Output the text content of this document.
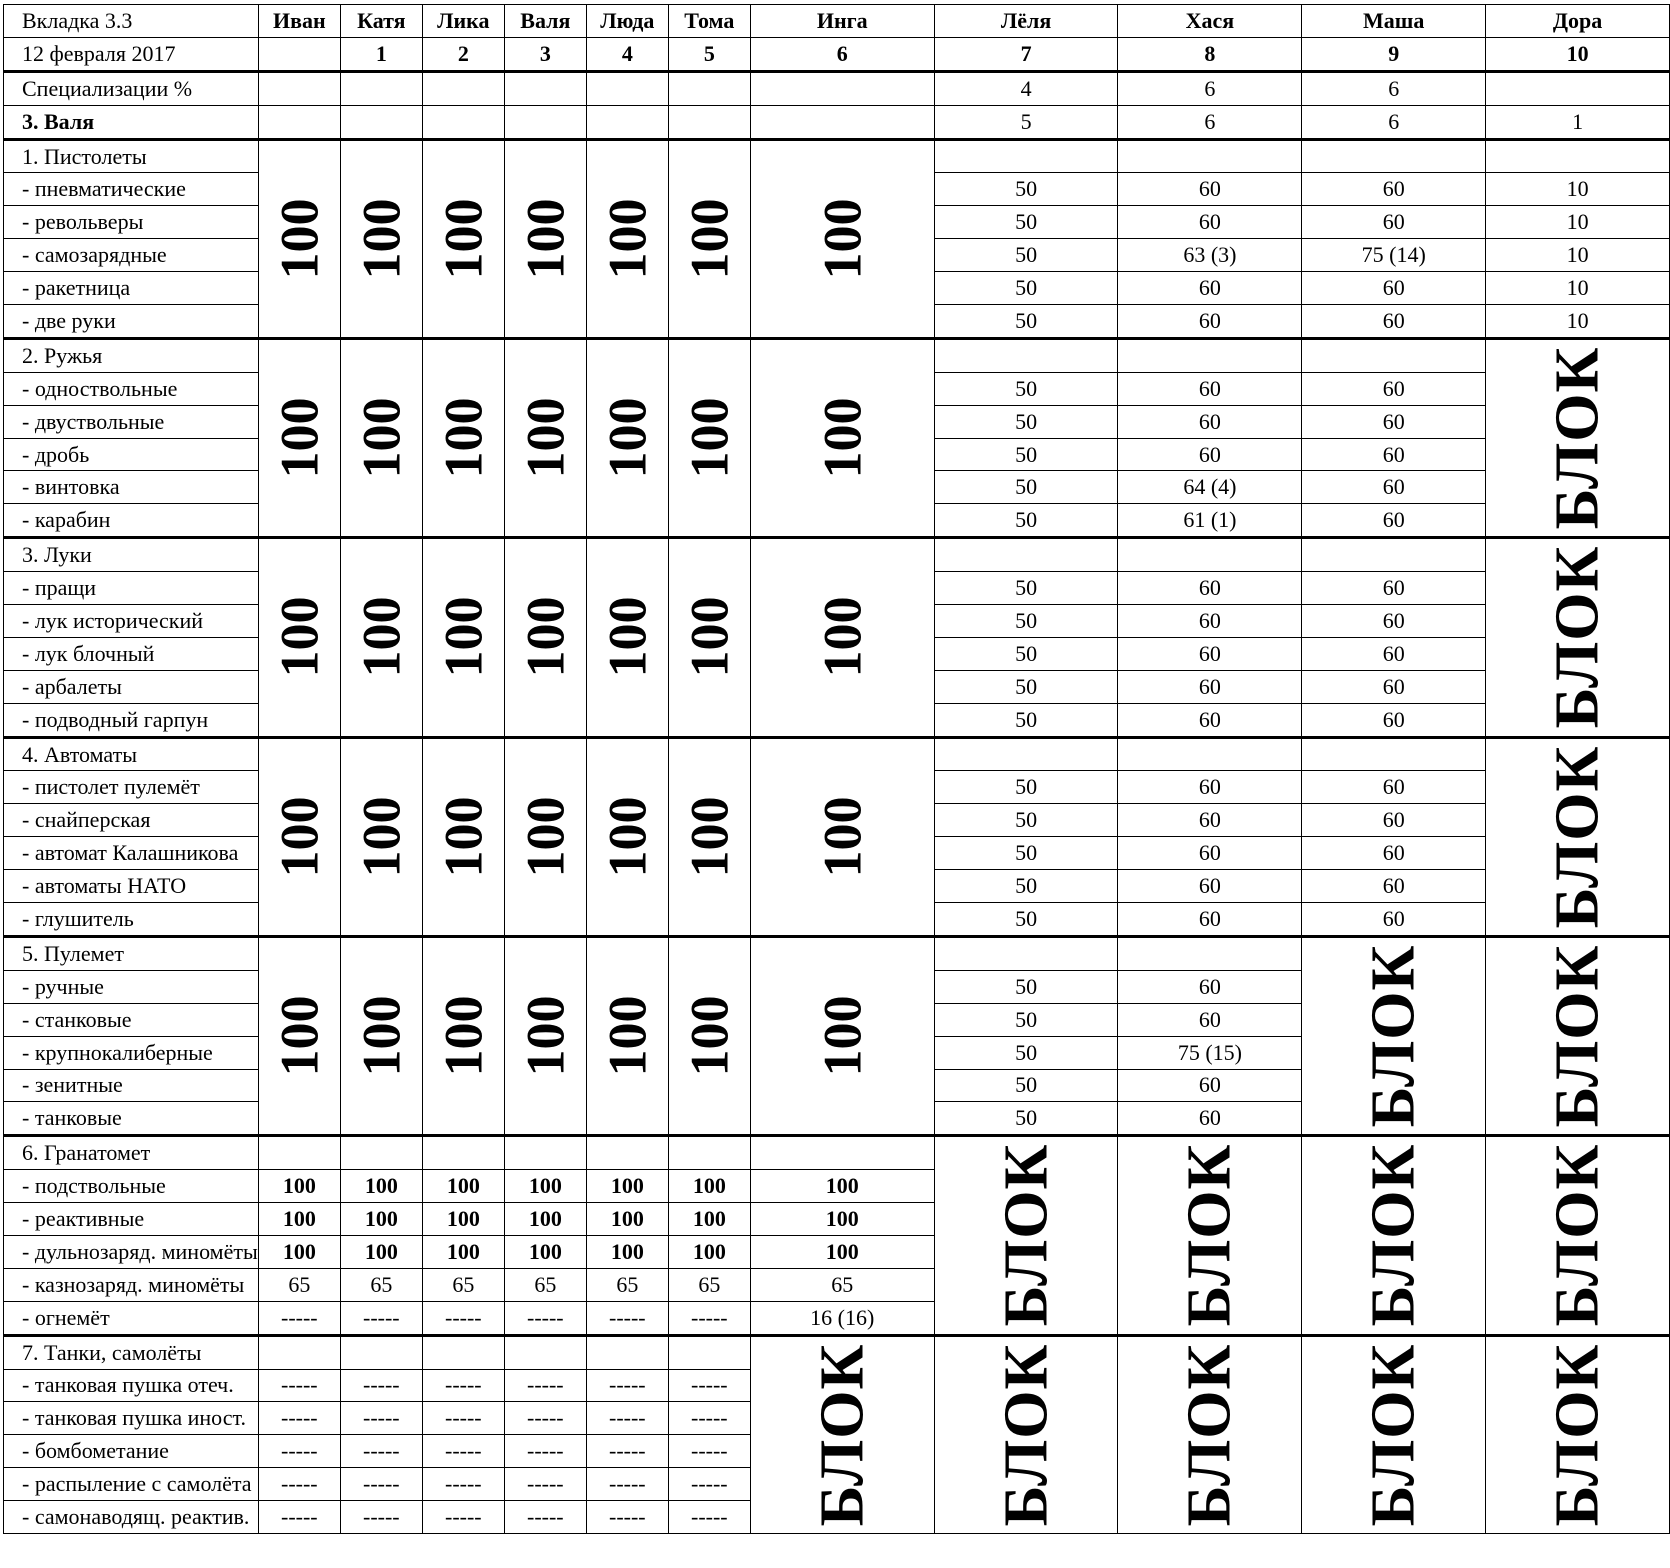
Вкладка 3.3	Иван	Катя	Лика	Валя	Люда	Тома	Инга	Лёля	Хася	Маша	Дора
12 февраля 2017		1	2	3	4	5	6	7	8	9	10
Специализации %								4	6	6	
3. Валя								5	6	6	1
1. Пистолеты	100	100	100	100	100	100	100				
- пневматические								50	60	60	10
- револьверы								50	60	60	10
- самозарядные								50	63 (3)	75 (14)	10
- ракетница								50	60	60	10
- две руки								50	60	60	10
2. Ружья	100	100	100	100	100	100	100				БЛОК
- одноствольные								50	60	60	
- двуствольные								50	60	60	
- дробь								50	60	60	
- винтовка								50	64 (4)	60	
- карабин								50	61 (1)	60	
3. Луки	100	100	100	100	100	100	100				БЛОК
- пращи								50	60	60	
- лук исторический								50	60	60	
- лук блочный								50	60	60	
- арбалеты								50	60	60	
- подводный гарпун								50	60	60	
4. Автоматы	100	100	100	100	100	100	100				БЛОК
- пистолет пулемёт								50	60	60	
- снайперская								50	60	60	
- автомат Калашникова								50	60	60	
- автоматы НАТО								50	60	60	
- глушитель								50	60	60	
5. Пулемет	100	100	100	100	100	100	100			БЛОК	БЛОК
- ручные								50	60		
- станковые								50	60		
- крупнокалиберные								50	75 (15)		
- зенитные								50	60		
- танковые								50	60		
6. Гранатомет								БЛОК	БЛОК	БЛОК	БЛОК
- подствольные	100	100	100	100	100	100	100				
- реактивные	100	100	100	100	100	100	100				
- дульнозаряд. миномёты	100	100	100	100	100	100	100				
- казнозаряд. миномёты	65	65	65	65	65	65	65				
- огнемёт	-----	-----	-----	-----	-----	-----	16 (16)				
7. Танки, самолёты							БЛОК	БЛОК	БЛОК	БЛОК	БЛОК
- танковая пушка отеч.	-----	-----	-----	-----	-----	-----					
- танковая пушка иност.	-----	-----	-----	-----	-----	-----					
- бомбометание	-----	-----	-----	-----	-----	-----					
- распыление с самолёта	-----	-----	-----	-----	-----	-----					
- самонаводящ. реактив.	-----	-----	-----	-----	-----	-----					
